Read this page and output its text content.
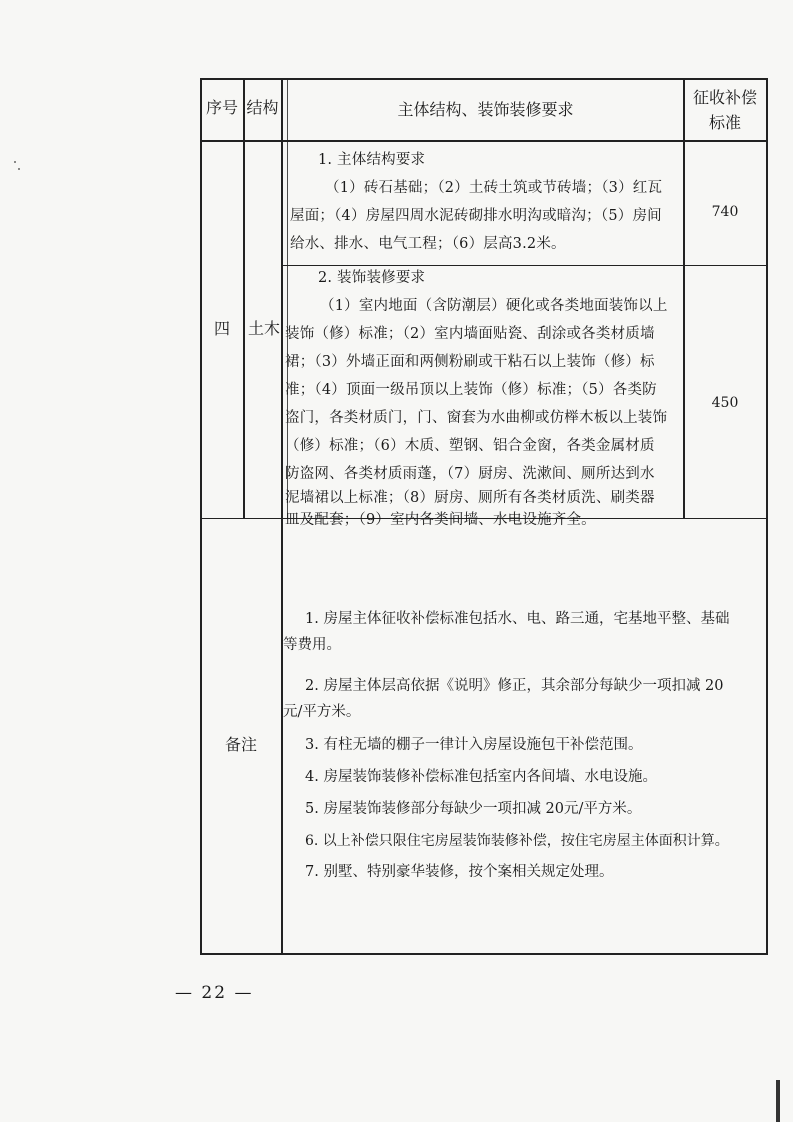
序号 结构	主体结构、装饰装修要求
征收补偿
标准
四	土木
1. 主体结构要求
（1）砖石基础；（2）土砖土筑或节砖墙；（3）红瓦
屋面；（4）房屋四周水泥砖砌排水明沟或暗沟；（5）房间
给水、排水、电气工程；（6）层高3.2米。
740
2. 装饰装修要求
（1）室内地面（含防潮层）硬化或各类地面装饰以上
装饰（修）标准；（2）室内墙面贴瓷、刮涂或各类材质墙
裙；（3）外墙正面和两侧粉刷或干粘石以上装饰（修）标
准；（4）顶面一级吊顶以上装饰（修）标准；（5）各类防
盗门，各类材质门，门、窗套为水曲柳或仿榉木板以上装饰
（修）标准；（6）木质、塑钢、铝合金窗，各类金属材质
防盗网、各类材质雨蓬，（7）厨房、洗漱间、厕所达到水
泥墙裙以上标准；（8）厨房、厕所有各类材质洗、刷类器
皿及配套；（9）室内各类间墙、水电设施齐全。
450
备注
1. 房屋主体征收补偿标准包括水、电、路三通，宅基地平整、基础
等费用。
2. 房屋主体层高依据《说明》修正，其余部分每缺少一项扣减 20
元/平方米。
3. 有柱无墙的棚子一律计入房屋设施包干补偿范围。
4. 房屋装饰装修补偿标准包括室内各间墙、水电设施。
5. 房屋装饰装修部分每缺少一项扣减 20元/平方米。
6. 以上补偿只限住宅房屋装饰装修补偿，按住宅房屋主体面积计算。
7. 别墅、特别豪华装修，按个案相关规定处理。
— 22 —
